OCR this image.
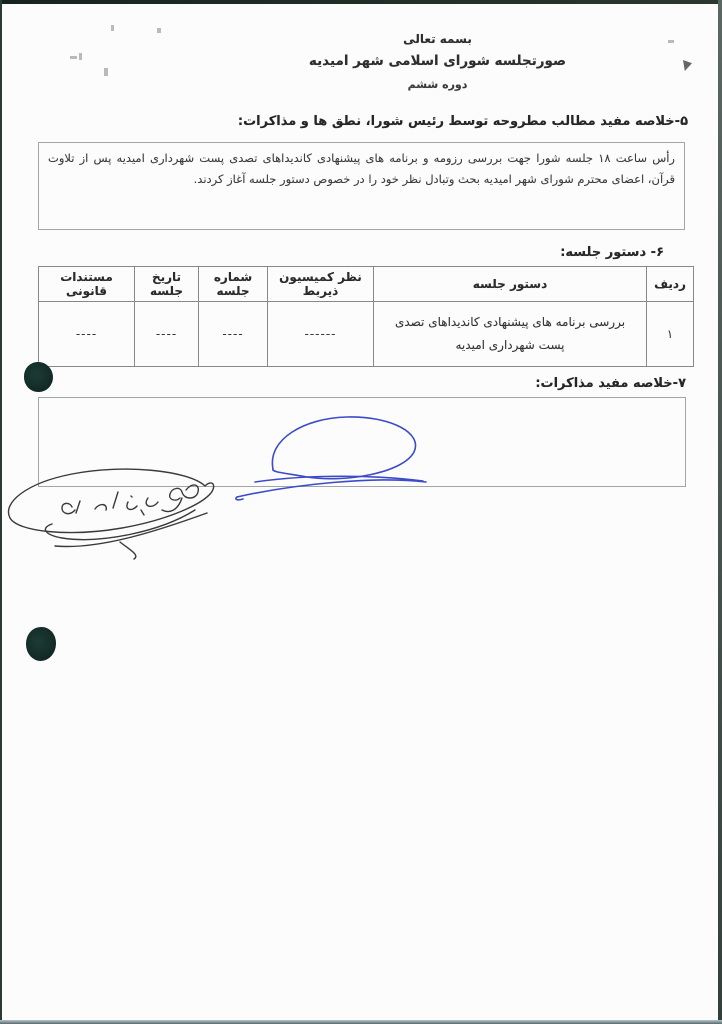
بسمه تعالی
صورتجلسه شورای اسلامی شهر امیدیه
دوره ششم
۵-خلاصه مفید مطالب مطروحه توسط رئیس شورا، نطق ها و مذاکرات:

رأس ساعت ۱۸ جلسه شورا جهت بررسی رزومه و برنامه های پیشنهادی کاندیداهای تصدی پست شهرداری امیدیه پس از تلاوت قرآن، اعضای محترم شورای شهر امیدیه بحث وتبادل نظر خود را در خصوص دستور جلسه آغاز کردند.

۶- دستور جلسه:
ردیف	دستور جلسه	نظر کمیسیون ذیربط	شماره جلسه	تاریخ جلسه	مستندات قانونی
۱	بررسی برنامه های پیشنهادی کاندیداهای تصدی پست شهرداری امیدیه	------	----	----	----
۷-خلاصه مفید مذاکرات:
